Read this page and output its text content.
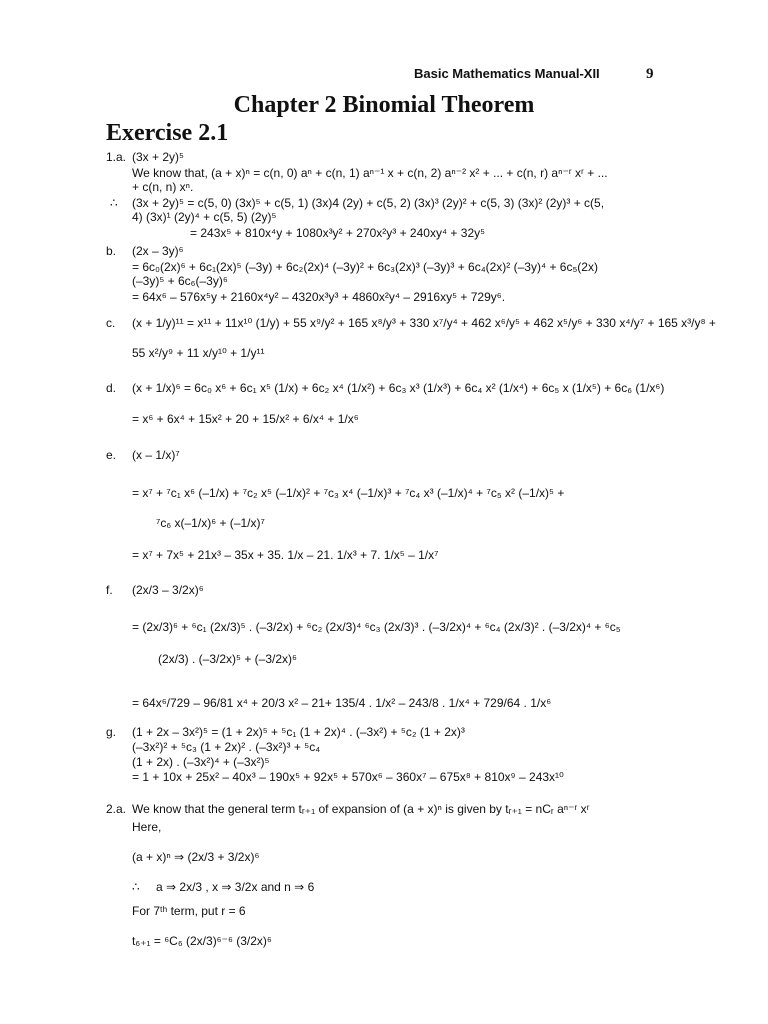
Basic Mathematics Manual-XII	9
Chapter 2 Binomial Theorem
Exercise 2.1
1.a.
∴
b.
c.
d.
e.
f.
g.
2.a.
∴
(3x + 2y)⁵
We know that, (a + x)ⁿ = c(n, 0) aⁿ + c(n, 1) aⁿ⁻¹ x + c(n, 2) aⁿ⁻² x² + ... + c(n, r) aⁿ⁻ʳ xʳ + ...
+ c(n, n) xⁿ.
(3x + 2y)⁵ = c(5, 0) (3x)⁵ + c(5, 1) (3x)4 (2y) + c(5, 2) (3x)³ (2y)² + c(5, 3) (3x)² (2y)³ + c(5,
4) (3x)¹ (2y)⁴ + c(5, 5) (2y)⁵
= 243x⁵ + 810x⁴y + 1080x³y² + 270x²y³ + 240xy⁴ + 32y⁵
(2x – 3y)⁶
= 6c₀(2x)⁶ + 6c₁(2x)⁵ (–3y) + 6c₂(2x)⁴ (–3y)² + 6c₃(2x)³ (–3y)³ + 6c₄(2x)² (–3y)⁴ + 6c₅(2x)
(–3y)⁵ + 6c₆(–3y)⁶
= 64x⁶ – 576x⁵y + 2160x⁴y² – 4320x³y³ + 4860x²y⁴ – 2916xy⁵ + 729y⁶.
(x + 1/y)¹¹ = x¹¹ + 11x¹⁰ (1/y) + 55 x⁹/y² + 165 x⁸/y³ + 330 x⁷/y⁴ + 462 x⁶/y⁵ + 462 x⁵/y⁶ + 330 x⁴/y⁷ + 165 x³/y⁸ +
55 x²/y⁹ + 11 x/y¹⁰ + 1/y¹¹
(x + 1/x)⁶ = 6c₀ x⁶ + 6c₁ x⁵ (1/x) + 6c₂ x⁴ (1/x²) + 6c₃ x³ (1/x³) + 6c₄ x² (1/x⁴) + 6c₅ x (1/x⁵) + 6c₆ (1/x⁶)
= x⁶ + 6x⁴ + 15x² + 20 + 15/x² + 6/x⁴ + 1/x⁶
(x – 1/x)⁷
= x⁷ + ⁷c₁ x⁶ (–1/x) + ⁷c₂ x⁵ (–1/x)² + ⁷c₃ x⁴ (–1/x)³ + ⁷c₄ x³ (–1/x)⁴ + ⁷c₅ x² (–1/x)⁵ +
⁷c₆ x(–1/x)⁶ + (–1/x)⁷
= x⁷ + 7x⁵ + 21x³ – 35x + 35. 1/x – 21. 1/x³ + 7. 1/x⁵ – 1/x⁷
(2x/3 – 3/2x)⁶
= (2x/3)⁶ + ⁶c₁ (2x/3)⁵ . (–3/2x) + ⁶c₂ (2x/3)⁴ ⁶c₃ (2x/3)³ . (–3/2x)⁴ + ⁶c₄ (2x/3)² . (–3/2x)⁴ + ⁶c₅
(2x/3) . (–3/2x)⁵ + (–3/2x)⁶
= 64x⁶/729 – 96/81 x⁴ + 20/3 x² – 21+ 135/4 . 1/x² – 243/8 . 1/x⁴ + 729/64 . 1/x⁶
(1 + 2x – 3x²)⁵ = (1 + 2x)⁵ + ⁵c₁ (1 + 2x)⁴ . (–3x²) + ⁵c₂ (1 + 2x)³
(–3x²)² + ⁵c₃ (1 + 2x)² . (–3x²)³ + ⁵c₄
(1 + 2x) . (–3x²)⁴ + (–3x²)⁵
= 1 + 10x + 25x² – 40x³ – 190x⁵ + 92x⁵ + 570x⁶ – 360x⁷ – 675x⁸ + 810x⁹ – 243x¹⁰
We know that the general term tᵣ₊₁ of expansion of (a + x)ⁿ is given by tᵣ₊₁ = nCᵣ aⁿ⁻ʳ xʳ
Here,
(a + x)ⁿ ⇒ (2x/3 + 3/2x)⁶
a ⇒ 2x/3 , x ⇒ 3/2x and n ⇒ 6
For 7ᵗʰ term, put r = 6
t₆₊₁ = ⁶C₆ (2x/3)⁶⁻⁶ (3/2x)⁶
